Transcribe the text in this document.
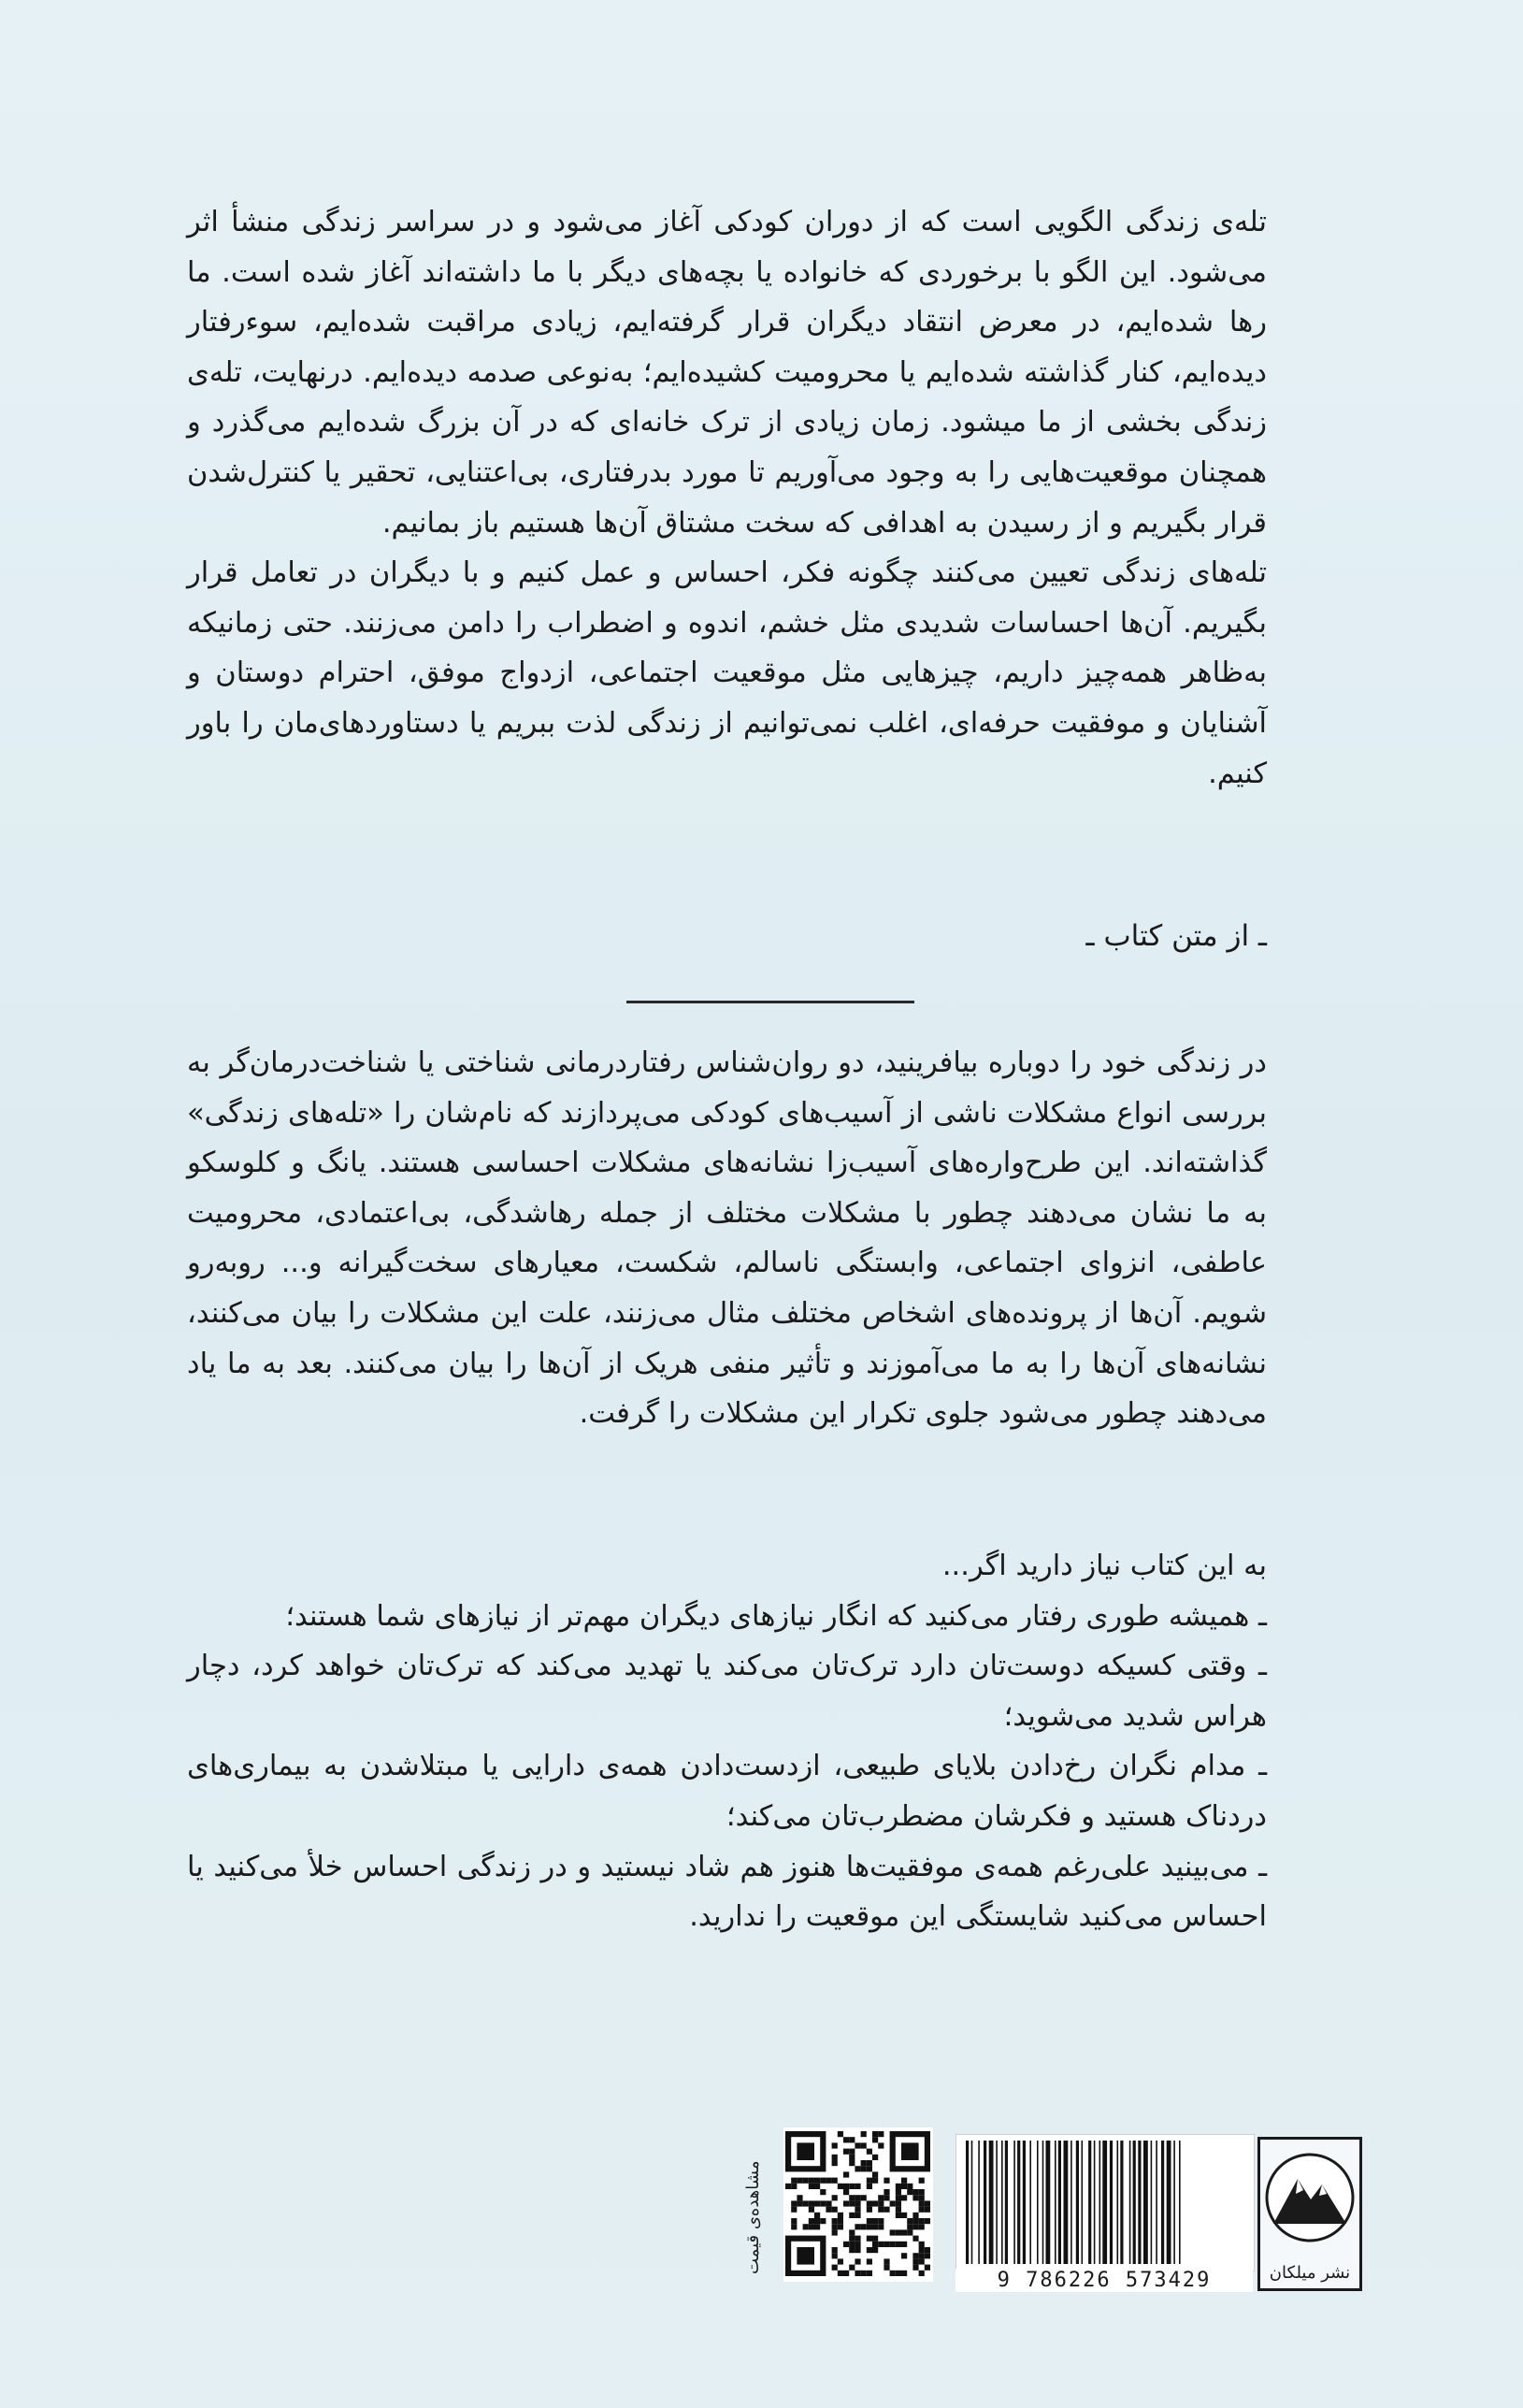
تله‌ی زندگی الگویی است که از دوران کودکی آغاز می‌شود و در سراسر زندگی منشأ اثر می‌شود. این الگو با برخوردی که خانواده یا بچه‌های دیگر با ما داشته‌اند آغاز شده است. ما رها شده‌ایم، در معرض انتقاد دیگران قرار گرفته‌ایم، زیادی مراقبت شده‌ایم، سوءرفتار دیده‌ایم، کنار گذاشته شده‌ایم یا محرومیت کشیده‌ایم؛ به‌نوعی صدمه دیده‌ایم. درنهایت، تله‌ی زندگی بخشی از ما میشود. زمان زیادی از ترک خانه‌ای که در آن بزرگ شده‌ایم می‌گذرد و همچنان موقعیت‌هایی را به وجود می‌آوریم تا مورد بدرفتاری، بی‌اعتنایی، تحقیر یا کنترل‌شدن قرار بگیریم و از رسیدن به اهدافی که سخت مشتاق آن‌ها هستیم باز بمانیم.

تله‌های زندگی تعیین می‌کنند چگونه فکر، احساس و عمل کنیم و با دیگران در تعامل قرار بگیریم. آن‌ها احساسات شدیدی مثل خشم، اندوه و اضطراب را دامن می‌زنند. حتی زمانیکه به‌ظاهر همه‌چیز داریم، چیزهایی مثل موقعیت اجتماعی، ازدواج موفق، احترام دوستان و آشنایان و موفقیت حرفه‌ای، اغلب نمی‌توانیم از زندگی لذت ببریم یا دستاوردهای‌مان را باور کنیم.

ـ از متن کتاب ـ

در زندگی خود را دوباره بیافرینید، دو روان‌شناس رفتاردرمانی شناختی یا شناخت‌درمان‌گر به بررسی انواع مشکلات ناشی از آسیب‌های کودکی می‌پردازند که نام‌شان را «تله‌های زندگی» گذاشته‌اند. این طرح‌واره‌های آسیب‌زا نشانه‌های مشکلات احساسی هستند. یانگ و کلوسکو به ما نشان می‌دهند چطور با مشکلات مختلف از جمله رهاشدگی، بی‌اعتمادی، محرومیت عاطفی، انزوای اجتماعی، وابستگی ناسالم، شکست، معیارهای سخت‌گیرانه و... روبه‌رو شویم. آن‌ها از پرونده‌های اشخاص مختلف مثال می‌زنند، علت این مشکلات را بیان می‌کنند، نشانه‌های آن‌ها را به ما می‌آموزند و تأثیر منفی هریک از آن‌ها را بیان می‌کنند. بعد به ما یاد می‌دهند چطور می‌شود جلوی تکرار این مشکلات را گرفت.

به این کتاب نیاز دارید اگر...

ـ همیشه طوری رفتار می‌کنید که انگار نیازهای دیگران مهم‌تر از نیازهای شما هستند؛

ـ وقتی کسیکه دوست‌تان دارد ترک‌تان می‌کند یا تهدید می‌کند که ترک‌تان خواهد کرد، دچار هراس شدید می‌شوید؛

ـ مدام نگران رخ‌دادن بلایای طبیعی، ازدست‌دادن همه‌ی دارایی یا مبتلاشدن به بیماری‌های دردناک هستید و فکرشان مضطرب‌تان می‌کند؛

ـ می‌بینید علی‌رغم همه‌ی موفقیت‌ها هنوز هم شاد نیستید و در زندگی احساس خلأ می‌کنید یا احساس می‌کنید شایستگی این موقعیت را ندارید.

نشر میلکان
9 786226 573429
مشاهده‌ی قیمت
